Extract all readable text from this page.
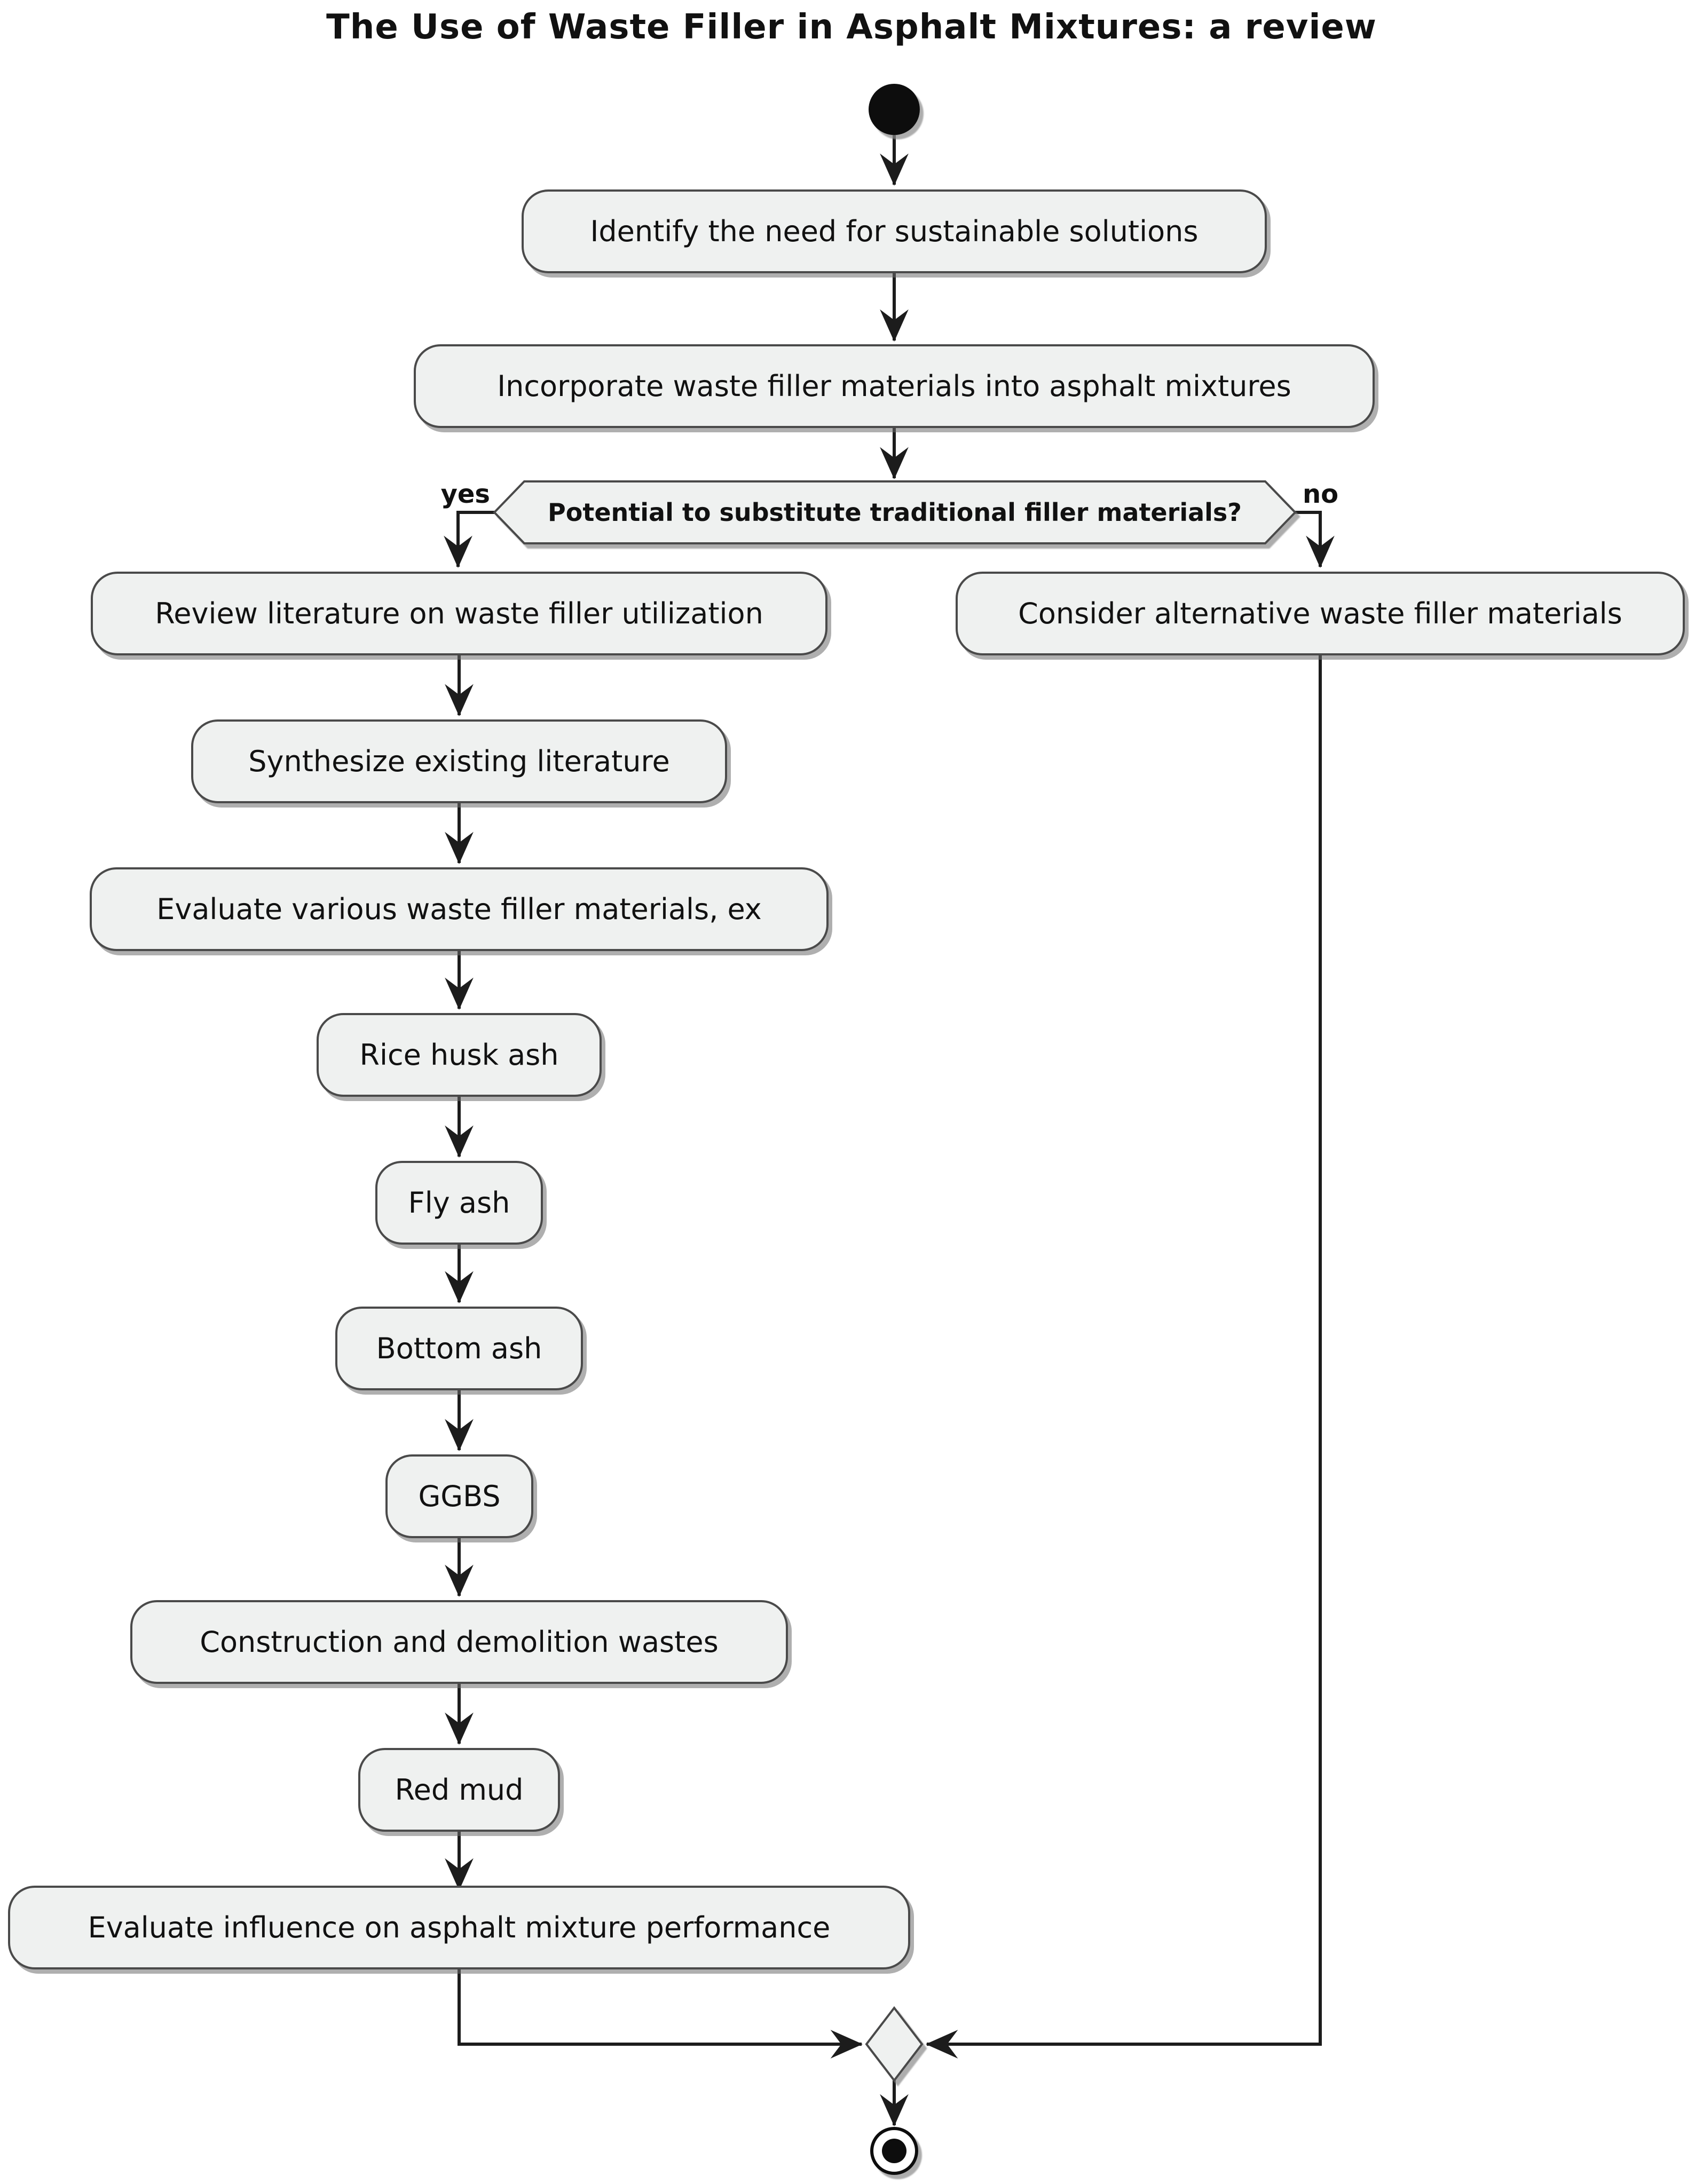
The Use of Waste Filler in Asphalt Mixtures: a review
Identify the need for sustainable solutions
Incorporate waste filler materials into asphalt mixtures
Review literature on waste filler utilization	Consider alternative waste filler materials
Synthesize existing literature
Evaluate various waste filler materials, ex
Rice husk ash
Fly ash
Bottom ash
GGBS
Construction and demolition wastes
Red mud
Evaluate influence on asphalt mixture performance
Potential to substitute traditional filler materials?
yes	no
